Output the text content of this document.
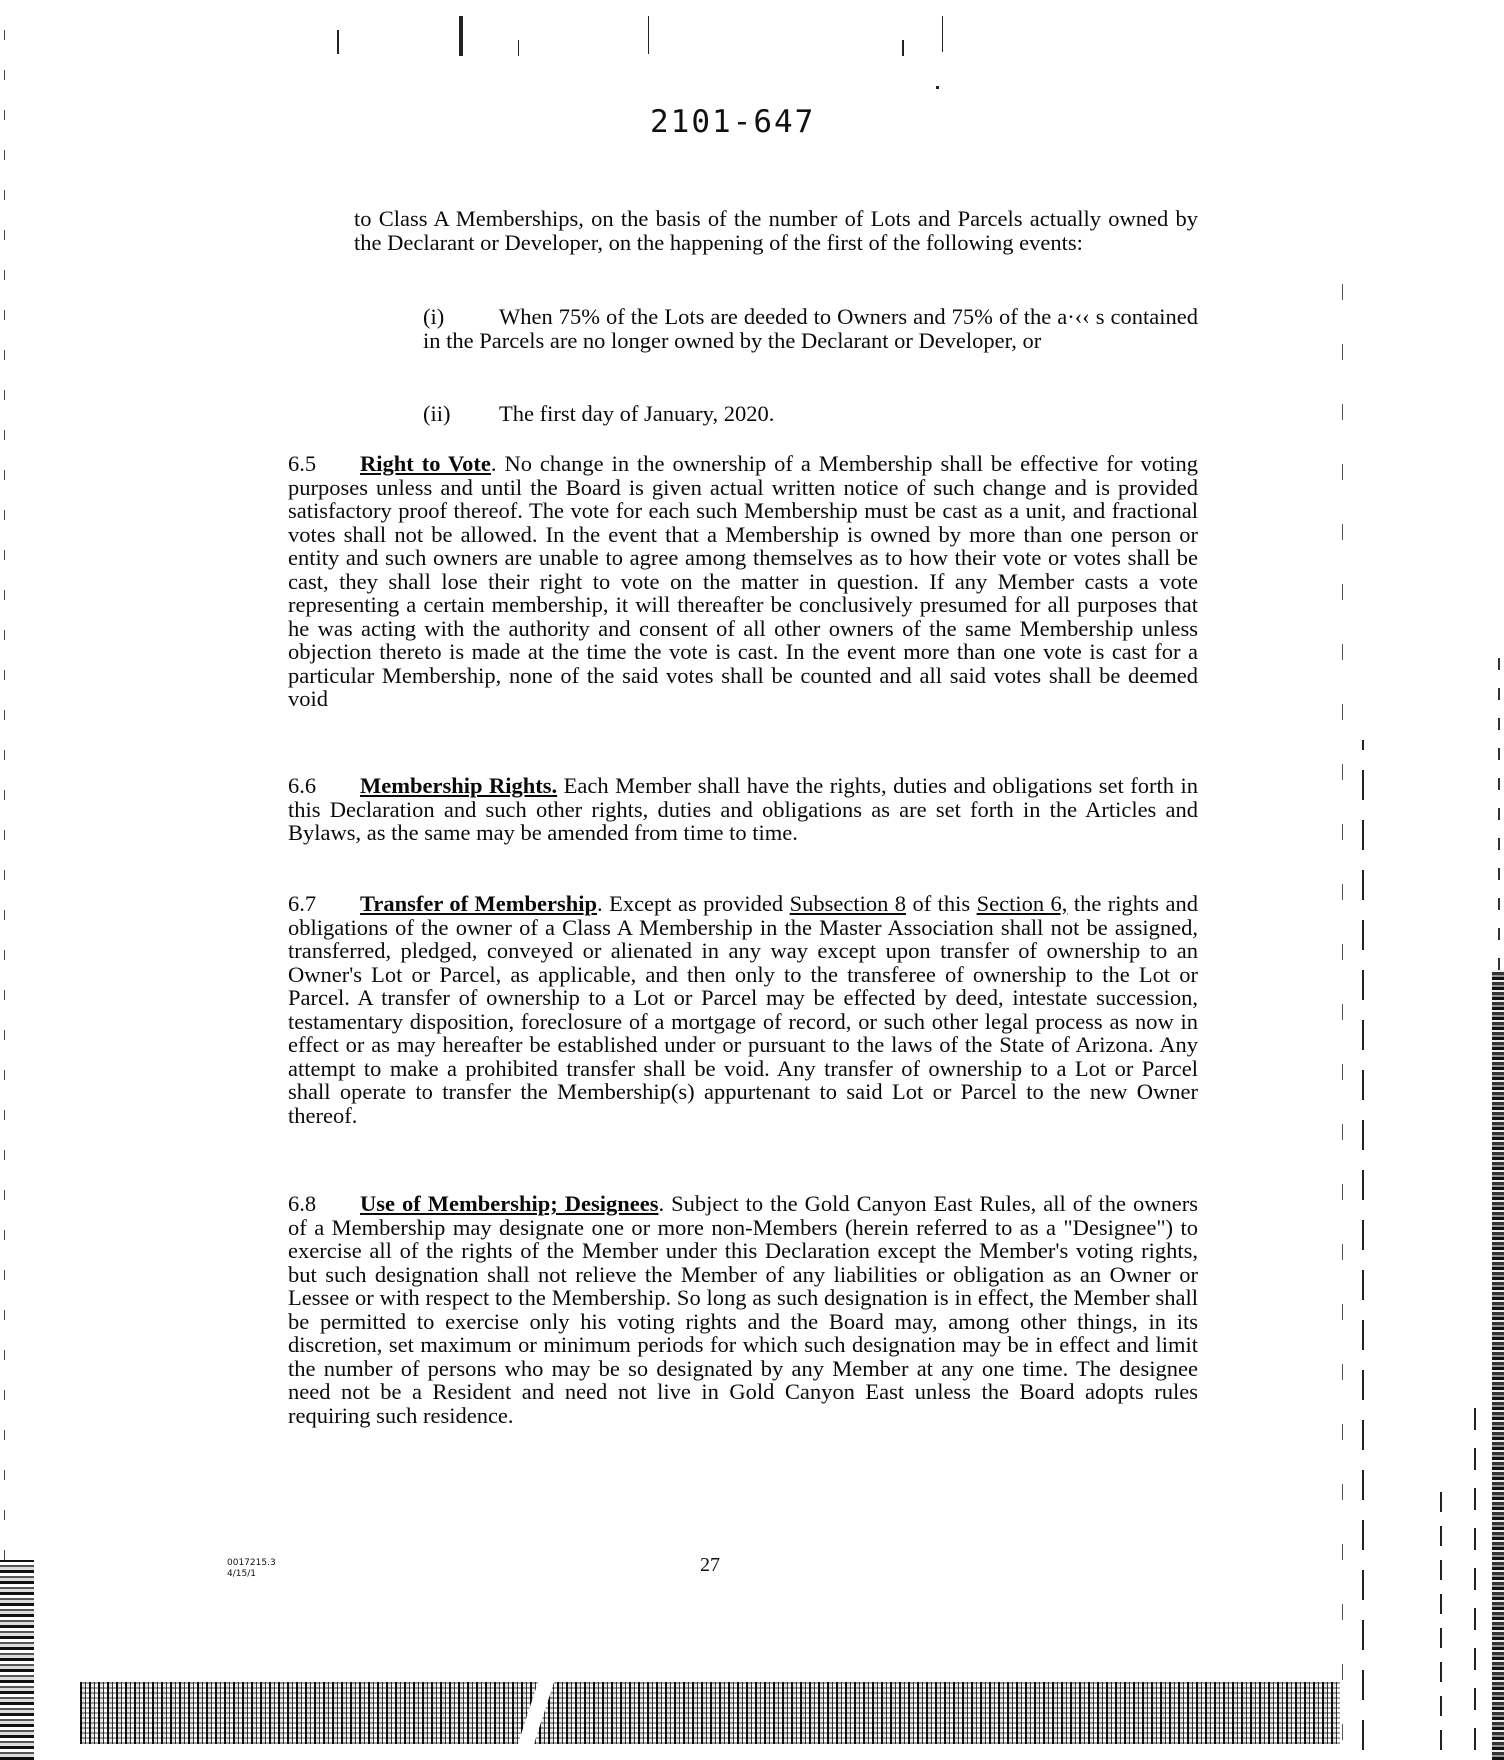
2101-647
to Class A Memberships, on the basis of the number of Lots and Parcels actually owned by the Declarant or Developer, on the happening of the first of the following events:
(i)	When 75% of the Lots are deeded to Owners and 75% of the a·‹‹ s contained in the Parcels are no longer owned by the Declarant or Developer, or
(ii)	The first day of January, 2020.
6.5 Right to Vote. No change in the ownership of a Membership shall be effective for voting purposes unless and until the Board is given actual written notice of such change and is provided satisfactory proof thereof. The vote for each such Membership must be cast as a unit, and fractional votes shall not be allowed. In the event that a Membership is owned by more than one person or entity and such owners are unable to agree among themselves as to how their vote or votes shall be cast, they shall lose their right to vote on the matter in question. If any Member casts a vote representing a certain membership, it will thereafter be conclusively presumed for all purposes that he was acting with the authority and consent of all other owners of the same Membership unless objection thereto is made at the time the vote is cast. In the event more than one vote is cast for a particular Membership, none of the said votes shall be counted and all said votes shall be deemed void
6.6 Membership Rights. Each Member shall have the rights, duties and obligations set forth in this Declaration and such other rights, duties and obligations as are set forth in the Articles and Bylaws, as the same may be amended from time to time.
6.7 Transfer of Membership. Except as provided Subsection 8 of this Section 6, the rights and obligations of the owner of a Class A Membership in the Master Association shall not be assigned, transferred, pledged, conveyed or alienated in any way except upon transfer of ownership to an Owner's Lot or Parcel, as applicable, and then only to the transferee of ownership to the Lot or Parcel. A transfer of ownership to a Lot or Parcel may be effected by deed, intestate succession, testamentary disposition, foreclosure of a mortgage of record, or such other legal process as now in effect or as may hereafter be established under or pursuant to the laws of the State of Arizona. Any attempt to make a prohibited transfer shall be void. Any transfer of ownership to a Lot or Parcel shall operate to transfer the Membership(s) appurtenant to said Lot or Parcel to the new Owner thereof.
6.8 Use of Membership; Designees. Subject to the Gold Canyon East Rules, all of the owners of a Membership may designate one or more non-Members (herein referred to as a "Designee") to exercise all of the rights of the Member under this Declaration except the Member's voting rights, but such designation shall not relieve the Member of any liabilities or obligation as an Owner or Lessee or with respect to the Membership. So long as such designation is in effect, the Member shall be permitted to exercise only his voting rights and the Board may, among other things, in its discretion, set maximum or minimum periods for which such designation may be in effect and limit the number of persons who may be so designated by any Member at any one time. The designee need not be a Resident and need not live in Gold Canyon East unless the Board adopts rules requiring such residence.
0017215.3
4/15/1	27
